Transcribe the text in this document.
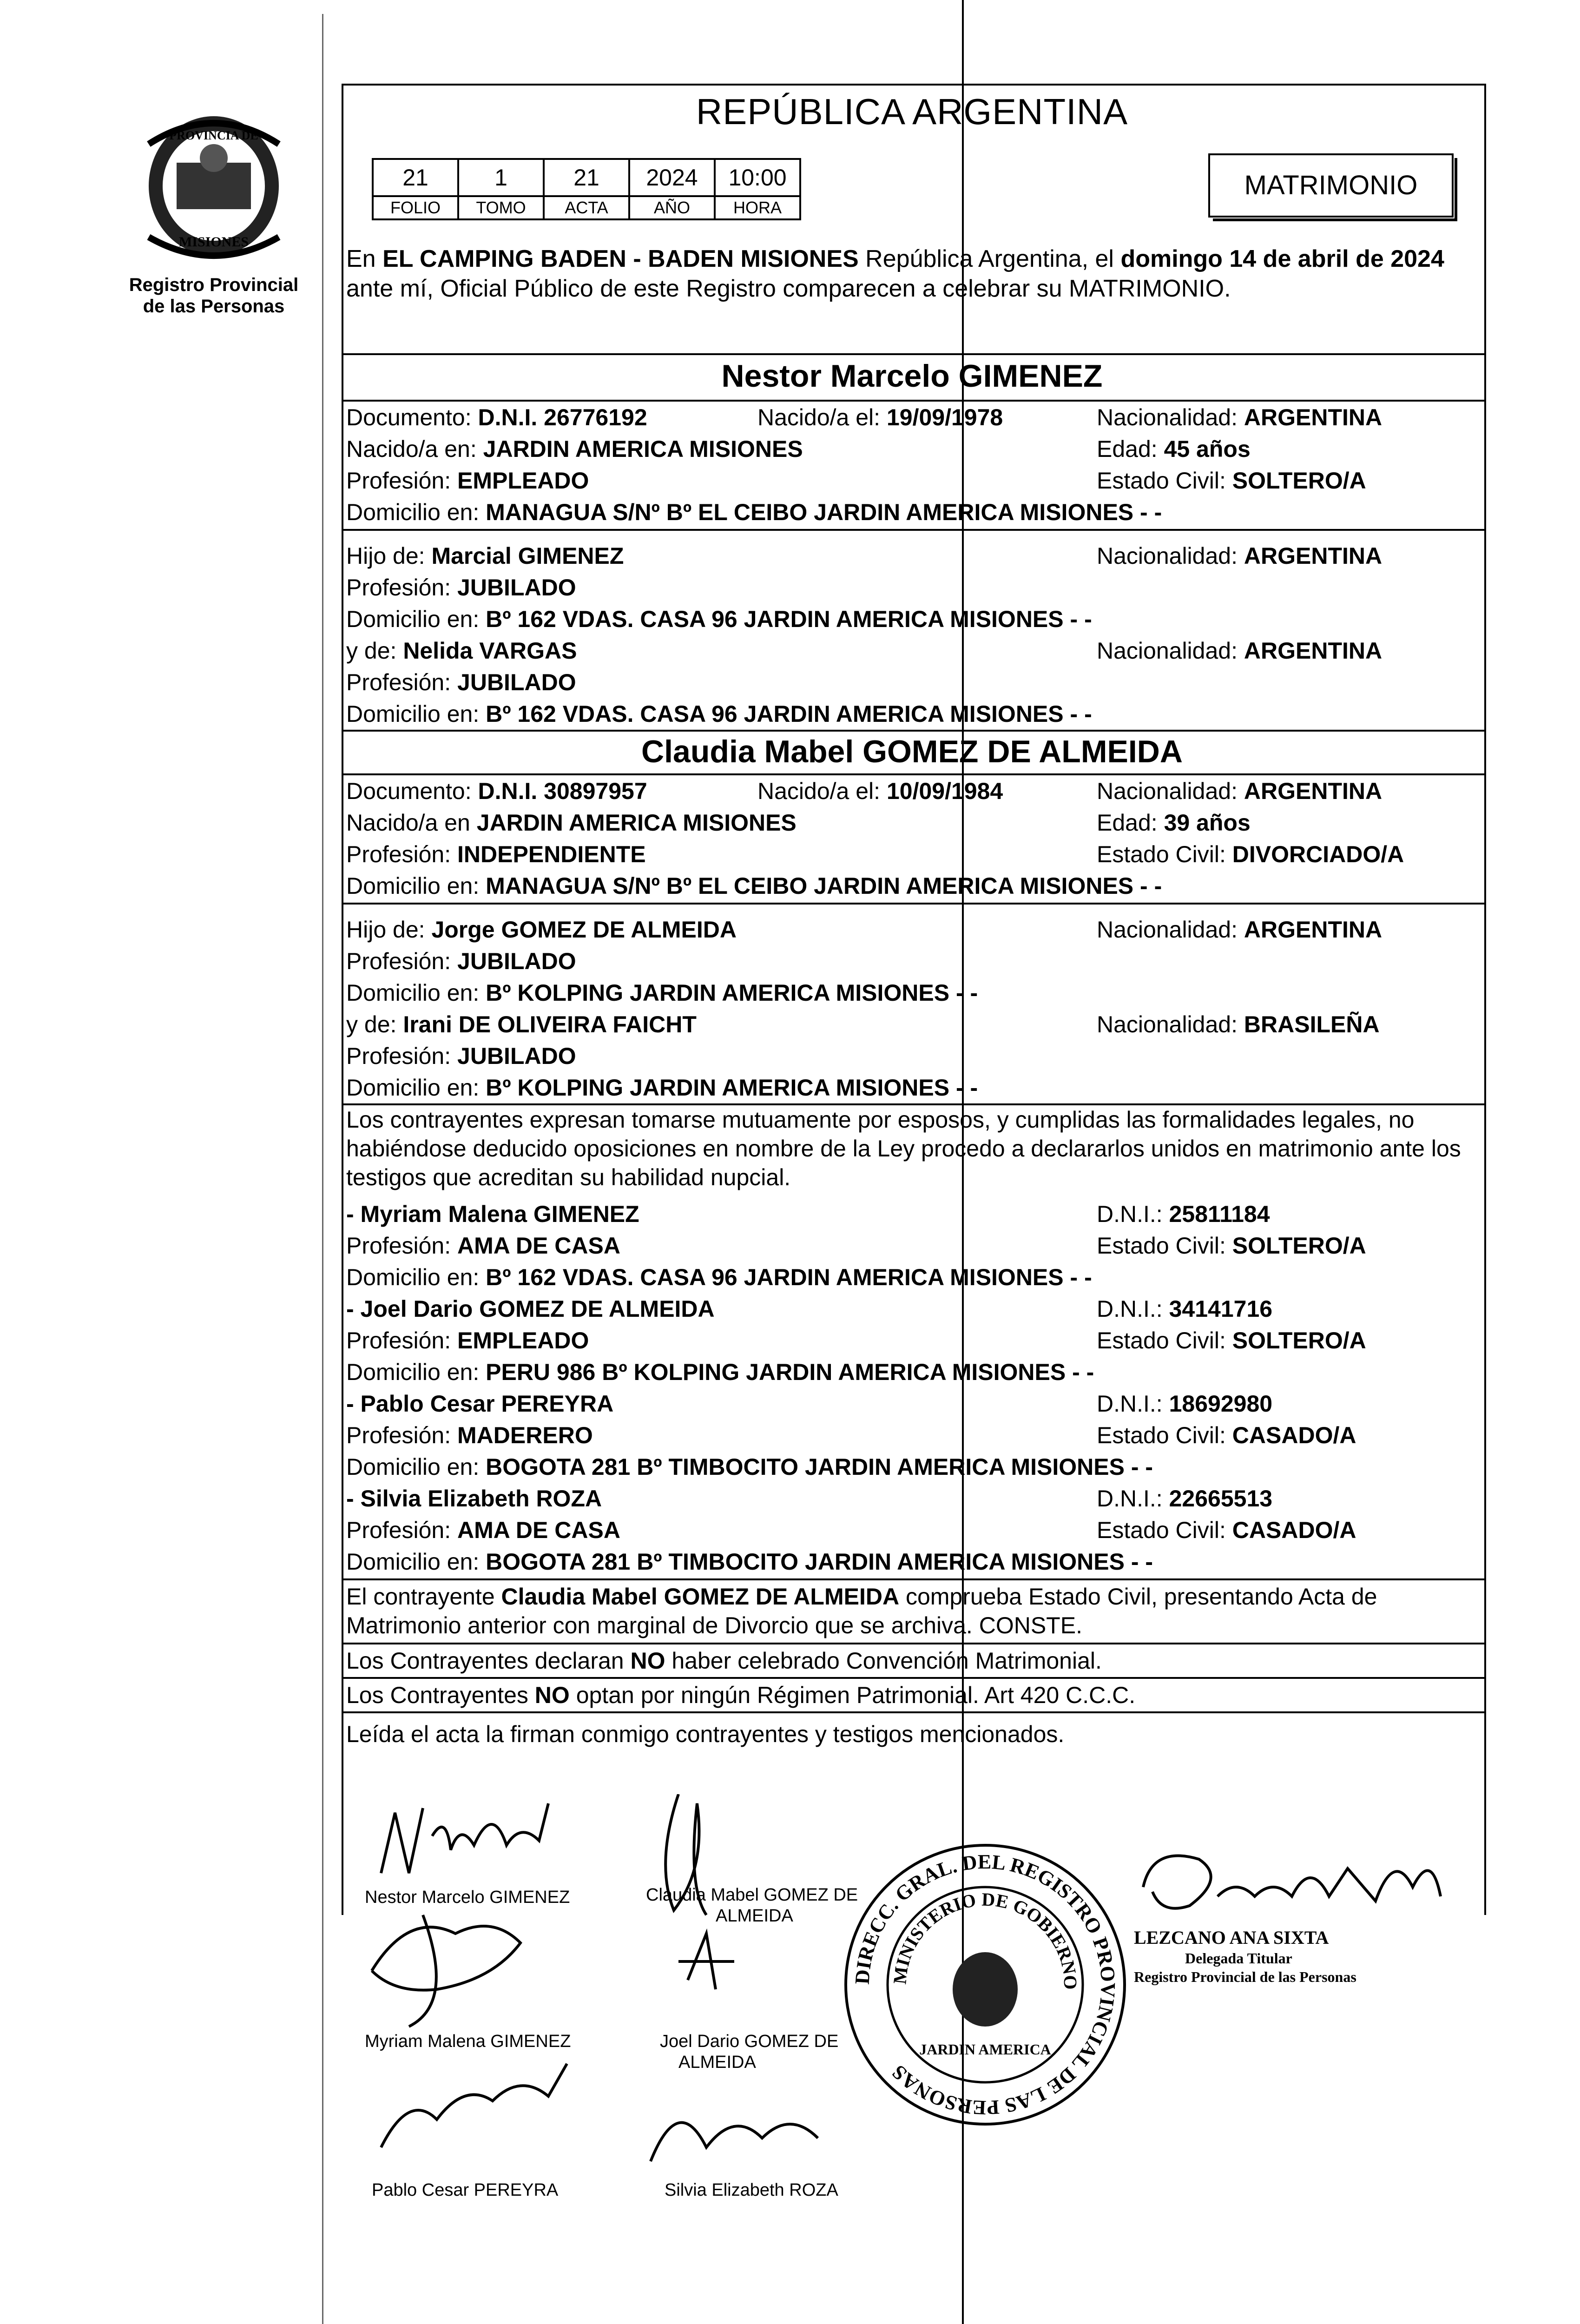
PROVINCIA DE
MISIONES
Registro Provincial
de las Personas
REPÚBLICA ARGENTINA
21	1	21	2024	10:00
FOLIO	TOMO	ACTA	AÑO	HORA
MATRIMONIO
En EL CAMPING BADEN - BADEN MISIONES República Argentina, el domingo 14 de abril de 2024 ante mí, Oficial Público de este Registro comparecen a celebrar su MATRIMONIO.
Nestor Marcelo GIMENEZ
Documento: D.N.I. 26776192	Nacido/a el: 19/09/1978	Nacionalidad: ARGENTINA
Nacido/a en: JARDIN AMERICA MISIONES	Edad: 45 años
Profesión: EMPLEADO	Estado Civil: SOLTERO/A
Domicilio en: MANAGUA S/Nº Bº EL CEIBO JARDIN AMERICA MISIONES - -
Hijo de: Marcial GIMENEZ	Nacionalidad: ARGENTINA
Profesión: JUBILADO
Domicilio en: Bº 162 VDAS. CASA 96 JARDIN AMERICA MISIONES - -
y de: Nelida VARGAS	Nacionalidad: ARGENTINA
Profesión: JUBILADO
Domicilio en: Bº 162 VDAS. CASA 96 JARDIN AMERICA MISIONES - -
Claudia Mabel GOMEZ DE ALMEIDA
Documento: D.N.I. 30897957	Nacido/a el: 10/09/1984	Nacionalidad: ARGENTINA
Nacido/a en JARDIN AMERICA MISIONES	Edad: 39 años
Profesión: INDEPENDIENTE	Estado Civil: DIVORCIADO/A
Domicilio en: MANAGUA S/Nº Bº EL CEIBO JARDIN AMERICA MISIONES - -
Hijo de: Jorge GOMEZ DE ALMEIDA	Nacionalidad: ARGENTINA
Profesión: JUBILADO
Domicilio en: Bº KOLPING JARDIN AMERICA MISIONES - -
y de: Irani DE OLIVEIRA FAICHT	Nacionalidad: BRASILEÑA
Profesión: JUBILADO
Domicilio en: Bº KOLPING JARDIN AMERICA MISIONES - -
Los contrayentes expresan tomarse mutuamente por esposos, y cumplidas las formalidades legales, no habiéndose deducido oposiciones en nombre de la Ley procedo a declararlos unidos en matrimonio ante los testigos que acreditan su habilidad nupcial.
- Myriam Malena GIMENEZ	D.N.I.: 25811184
Profesión: AMA DE CASA	Estado Civil: SOLTERO/A
Domicilio en: Bº 162 VDAS. CASA 96 JARDIN AMERICA MISIONES - -
- Joel Dario GOMEZ DE ALMEIDA	D.N.I.: 34141716
Profesión: EMPLEADO	Estado Civil: SOLTERO/A
Domicilio en: PERU 986 Bº KOLPING JARDIN AMERICA MISIONES - -
- Pablo Cesar PEREYRA	D.N.I.: 18692980
Profesión: MADERERO	Estado Civil: CASADO/A
Domicilio en: BOGOTA 281 Bº TIMBOCITO JARDIN AMERICA MISIONES - -
- Silvia Elizabeth ROZA	D.N.I.: 22665513
Profesión: AMA DE CASA	Estado Civil: CASADO/A
Domicilio en: BOGOTA 281 Bº TIMBOCITO JARDIN AMERICA MISIONES - -
El contrayente Claudia Mabel GOMEZ DE ALMEIDA comprueba Estado Civil, presentando Acta de Matrimonio anterior con marginal de Divorcio que se archiva. CONSTE.
Los Contrayentes declaran NO haber celebrado Convención Matrimonial.
Los Contrayentes NO optan por ningún Régimen Patrimonial. Art 420 C.C.C.
Leída el acta la firman conmigo contrayentes y testigos mencionados.
Nestor Marcelo GIMENEZ	Claudia Mabel GOMEZ DE
ALMEIDA
Myriam Malena GIMENEZ	Joel Dario GOMEZ DE
ALMEIDA
Pablo Cesar PEREYRA	Silvia Elizabeth ROZA
DIRECC. GRAL. DEL REGISTRO PROVINCIAL DE LAS PERSONAS
MINISTERIO DE GOBIERNO
JARDIN AMERICA
LEZCANO ANA SIXTA
Delegada Titular
Registro Provincial de las Personas
